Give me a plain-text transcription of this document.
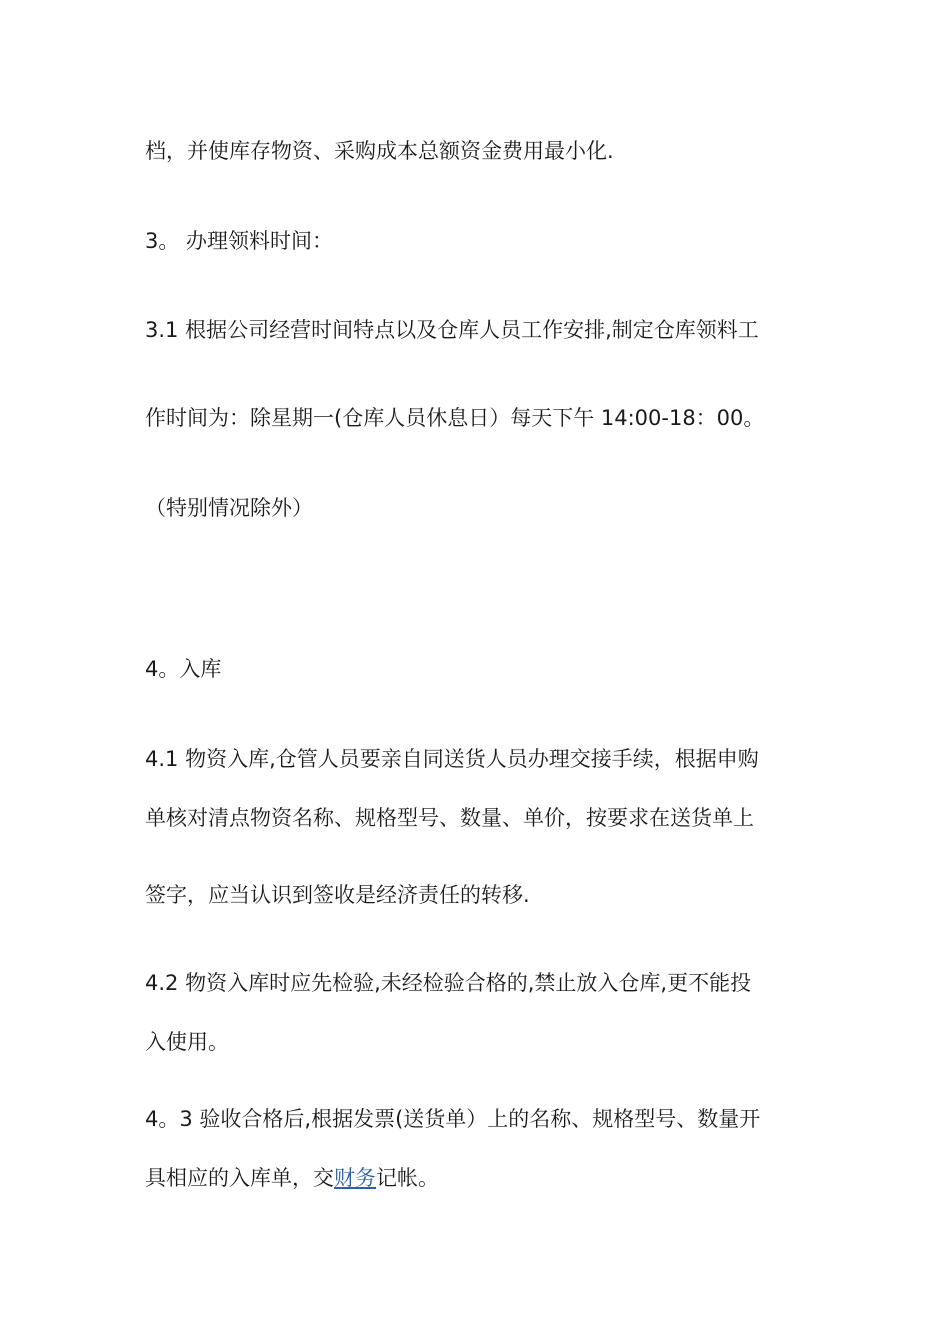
档，并使库存物资、采购成本总额资金费用最小化.
3。 办理领料时间：
3.1 根据公司经营时间特点以及仓库人员工作安排,制定仓库领料工
作时间为：除星期一(仓库人员休息日）每天下午 14:00-18：00。
（特别情况除外）
4。入库
4.1 物资入库,仓管人员要亲自同送货人员办理交接手续，根据申购
单核对清点物资名称、规格型号、数量、单价，按要求在送货单上
签字，应当认识到签收是经济责任的转移.
4.2 物资入库时应先检验,未经检验合格的,禁止放入仓库,更不能投
入使用。
4。3 验收合格后,根据发票(送货单）上的名称、规格型号、数量开
具相应的入库单，交财务记帐。
